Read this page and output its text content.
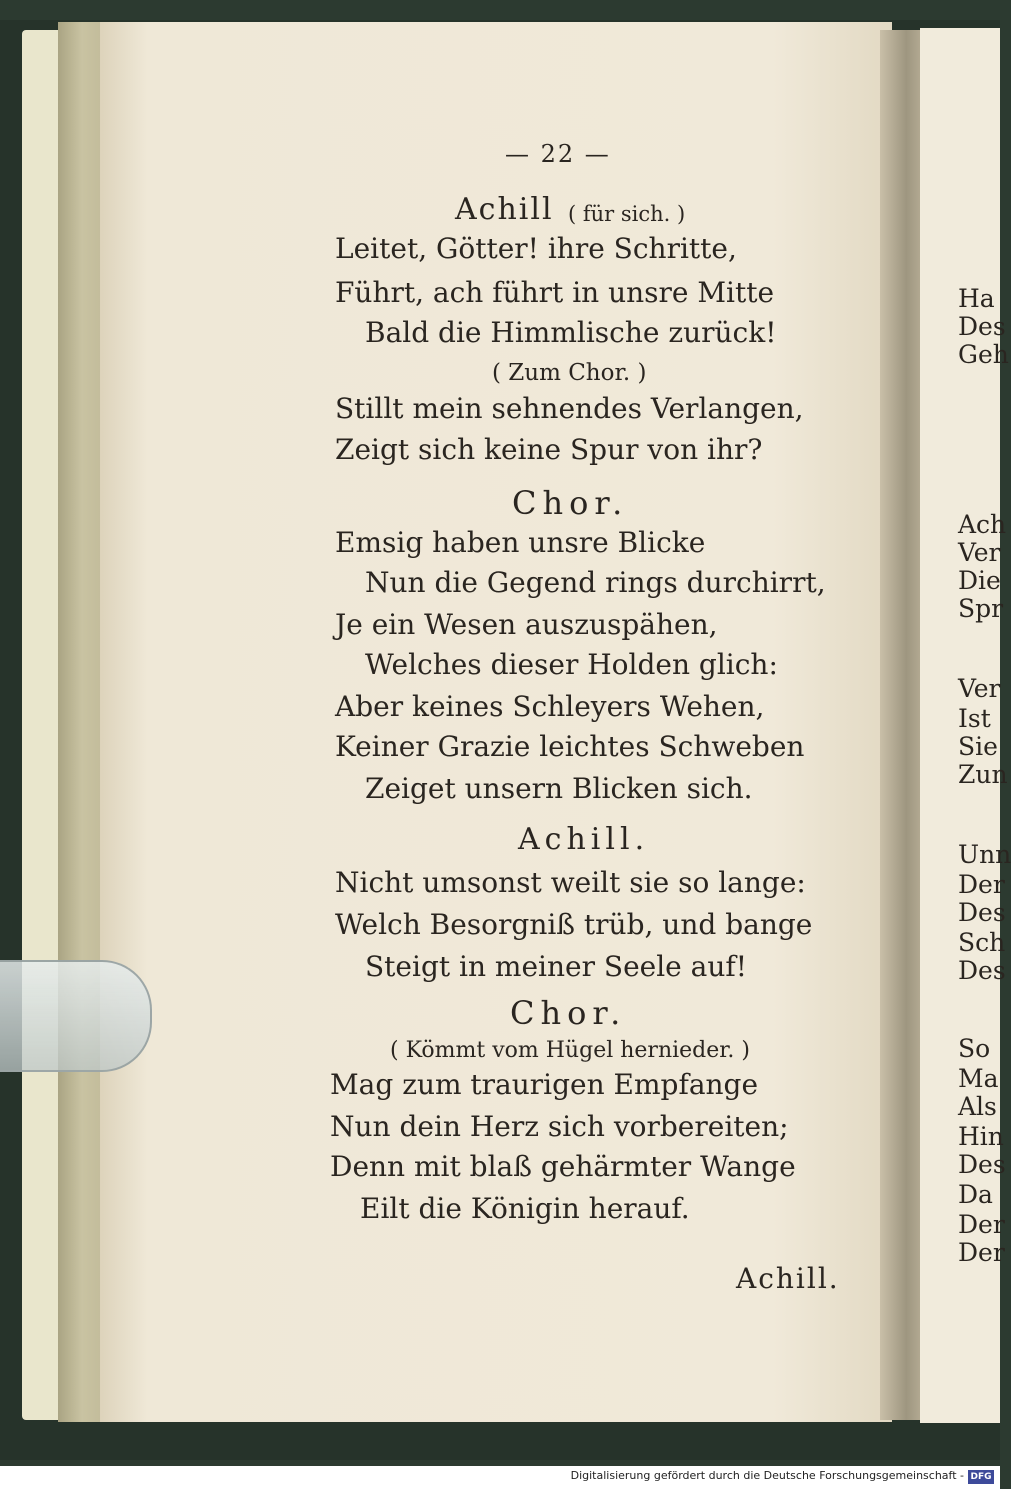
— 22 —
Achill ( für sich. )
Leitet, Götter! ihre Schritte,
Führt, ach führt in unsre Mitte
Bald die Himmlische zurück!
( Zum Chor. )
Stillt mein sehnendes Verlangen,
Zeigt sich keine Spur von ihr?
Chor.
Emsig haben unsre Blicke
Nun die Gegend rings durchirrt,
Je ein Wesen auszuspähen,
Welches dieser Holden glich:
Aber keines Schleyers Wehen,
Keiner Grazie leichtes Schweben
Zeiget unsern Blicken sich.
Achill.
Nicht umsonst weilt sie so lange:
Welch Besorgniß trüb, und bange
Steigt in meiner Seele auf!
Chor.
( Kömmt vom Hügel hernieder. )
Mag zum traurigen Empfange
Nun dein Herz sich vorbereiten;
Denn mit blaß gehärmter Wange
Eilt die Königin herauf.
Achill.
Ha
Des
Geh
Ach
Ver
Die
Spr
Ver
Ist
Sie
Zun
Unn
Der
Des
Sch
Des
So
Ma
Als
Hin
Des
Da
Der
Der
Digitalisierung gefördert durch die Deutsche Forschungsgemeinschaft - DFG
